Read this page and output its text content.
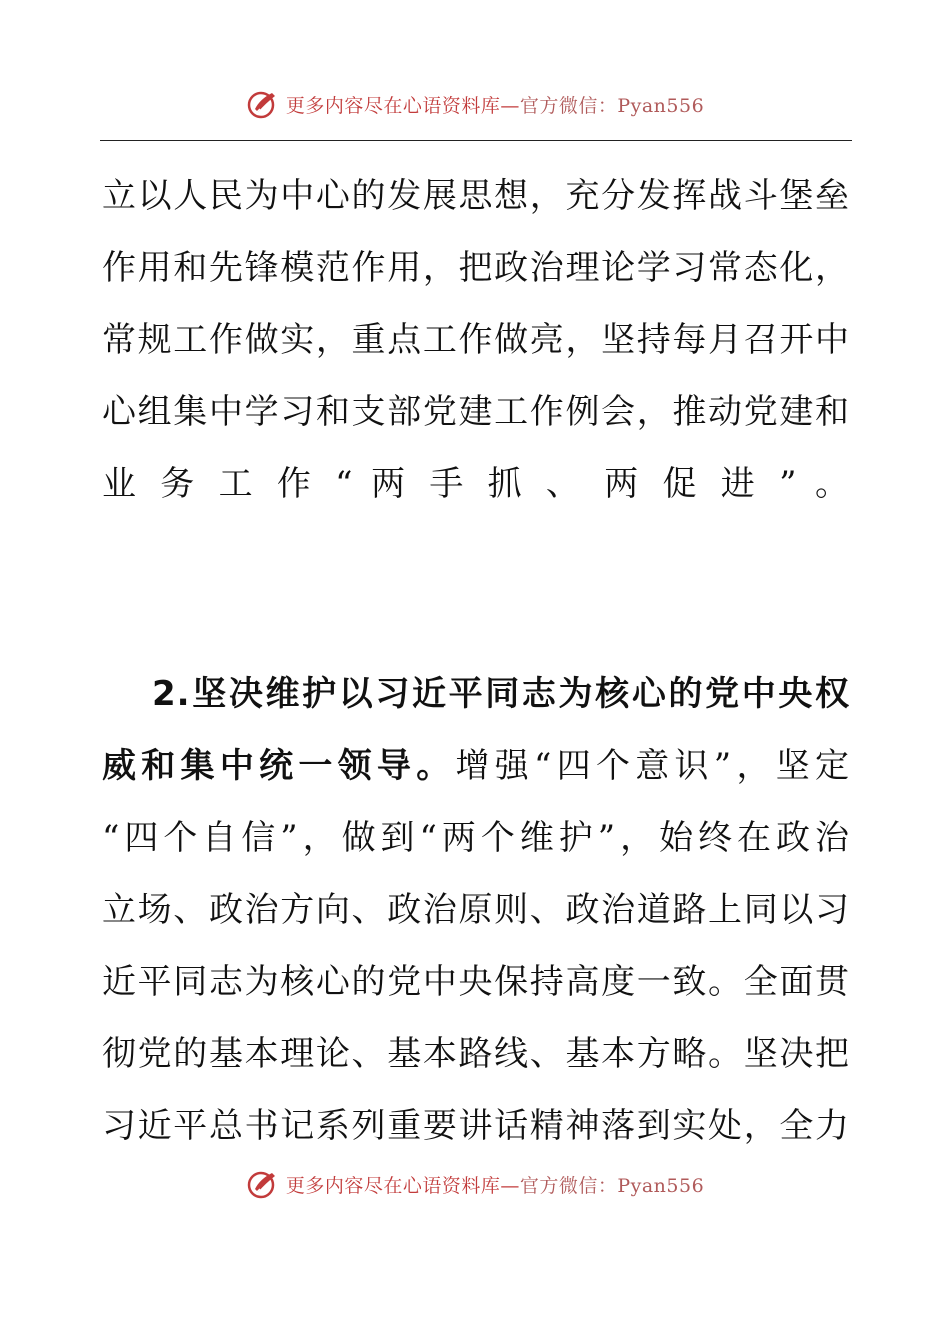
更多内容尽在心语资料库—官方微信：Pyan556
立以人民为中心的发展思想，充分发挥战斗堡垒
作用和先锋模范作用，把政治理论学习常态化，
常规工作做实，重点工作做亮，坚持每月召开中
心组集中学习和支部党建工作例会，推动党建和
业 务 工 作 “ 两 手 抓 、 两 促 进 ” 。
2.坚决维护以习近平同志为核心的党中央权
威和集中统一领导。增强“四个意识”，坚定
“四个自信”，做到“两个维护”，始终在政治
立场、政治方向、政治原则、政治道路上同以习
近平同志为核心的党中央保持高度一致。全面贯
彻党的基本理论、基本路线、基本方略。坚决把
习近平总书记系列重要讲话精神落到实处，全力
更多内容尽在心语资料库—官方微信：Pyan556
